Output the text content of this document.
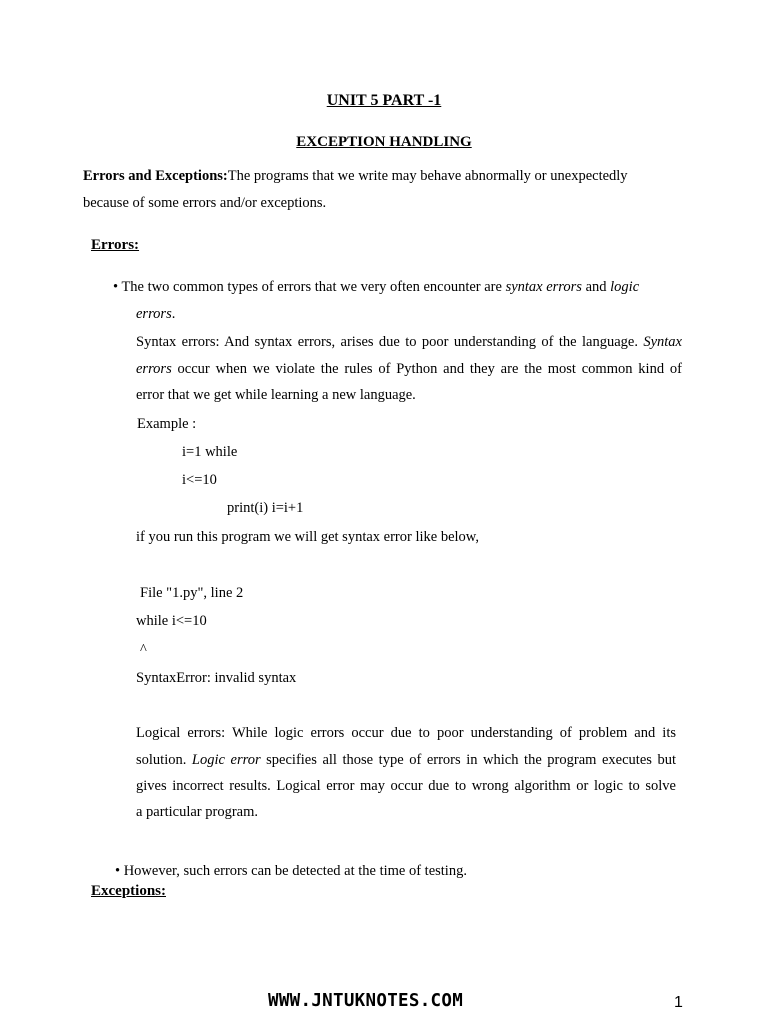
UNIT 5 PART -1
EXCEPTION HANDLING
Errors and Exceptions:The programs that we write may behave abnormally or unexpectedly
because of some errors and/or exceptions.
Errors:
• The two common types of errors that we very often encounter are syntax errors and logic
errors.
Syntax errors: And syntax errors, arises due to poor understanding of the language. Syntax
errors occur when we violate the rules of Python and they are the most common kind of
error that we get while learning a new language.
Example :
i=1 while
i<=10
print(i) i=i+1
if you run this program we will get syntax error like below,
File "1.py", line 2
while i<=10
^
SyntaxError: invalid syntax
Logical errors: While logic errors occur due to poor understanding of problem and its
solution. Logic error specifies all those type of errors in which the program executes but
gives incorrect results. Logical error may occur due to wrong algorithm or logic to solve
a particular program.
• However, such errors can be detected at the time of testing.
Exceptions:
WWW.JNTUKNOTES.COM	1
